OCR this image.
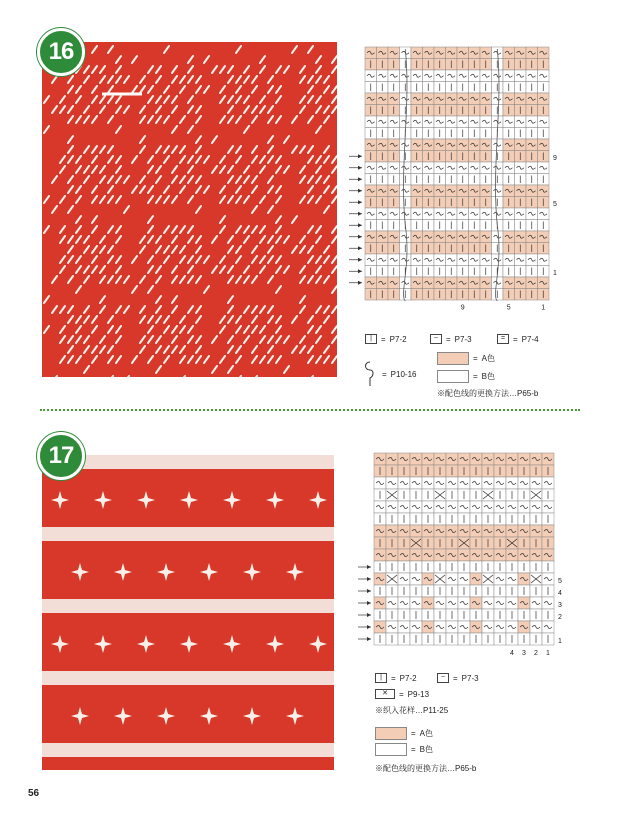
16
9
5
1
9	5	1
|	= P7-2	~ = P7-3	= = P7-4
= P10-16
= A色
= B色
※配色线的更换方法…P65-b
17
5
4
3
2
1
4 3 2 1
|	= P7-2	~ = P7-3
✕	= P9-13
※织入花样…P11-25
= A色
= B色
※配色线的更换方法…P65-b
56
